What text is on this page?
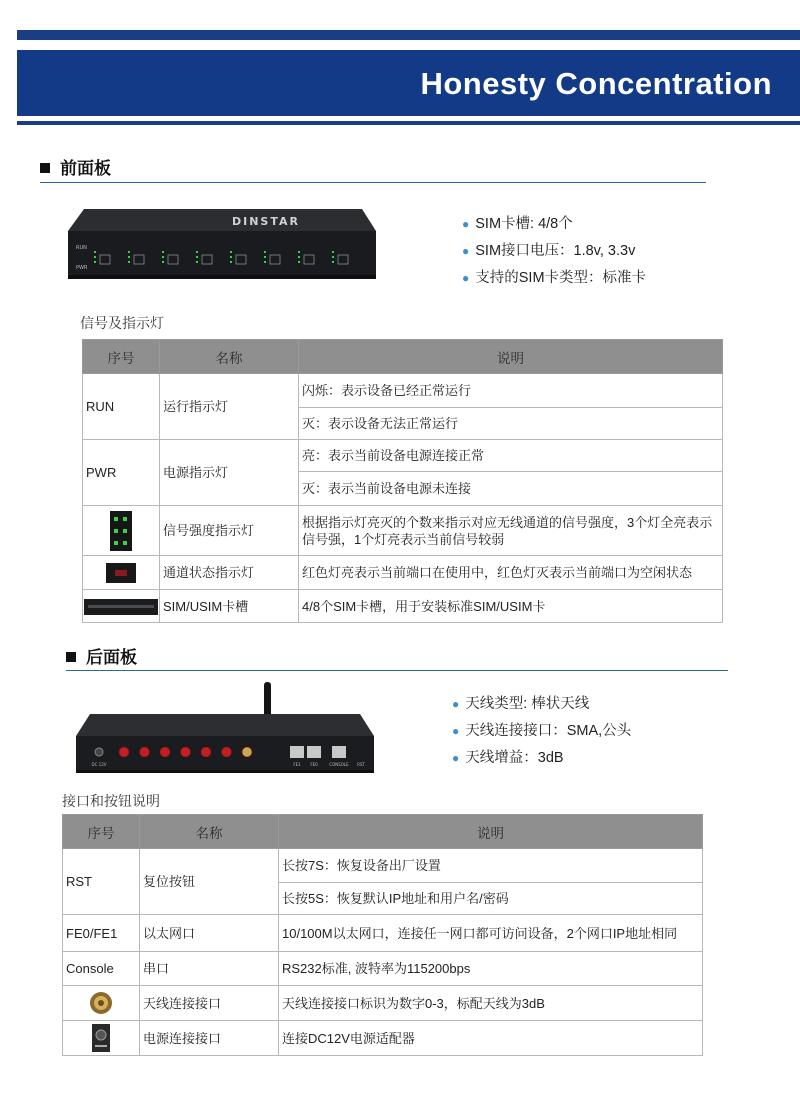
Honesty Concentration
前面板
DINSTAR
RUN
PWR
● SIM卡槽: 4/8个
● SIM接口电压：1.8v, 3.3v
● 支持的SIM卡类型：标准卡
信号及指示灯
序号	名称	说明
RUN	运行指示灯	闪烁：表示设备已经正常运行
		灭：表示设备无法正常运行
PWR	电源指示灯	亮：表示当前设备电源连接正常
		灭：表示当前设备电源未连接
	信号强度指示灯	根据指示灯亮灭的个数来指示对应无线通道的信号强度，3个灯全亮表示信号强，1个灯亮表示当前信号较弱
	通道状态指示灯	红色灯亮表示当前端口在使用中，红色灯灭表示当前端口为空闲状态
	SIM/USIM卡槽	4/8个SIM卡槽，用于安装标准SIM/USIM卡
后面板
DC 12V	FE1 FE0	CONSOLE RST
● 天线类型: 棒状天线
● 天线连接接口：SMA,公头
● 天线增益：3dB
接口和按钮说明
序号	名称	说明
RST	复位按钮	长按7S：恢复设备出厂设置
		长按5S：恢复默认IP地址和用户名/密码
FE0/FE1	以太网口	10/100M以太网口，连接任一网口都可访问设备，2个网口IP地址相同
Console	串口	RS232标准, 波特率为115200bps
	天线连接接口	天线连接接口标识为数字0-3，标配天线为3dB
	电源连接接口	连接DC12V电源适配器
